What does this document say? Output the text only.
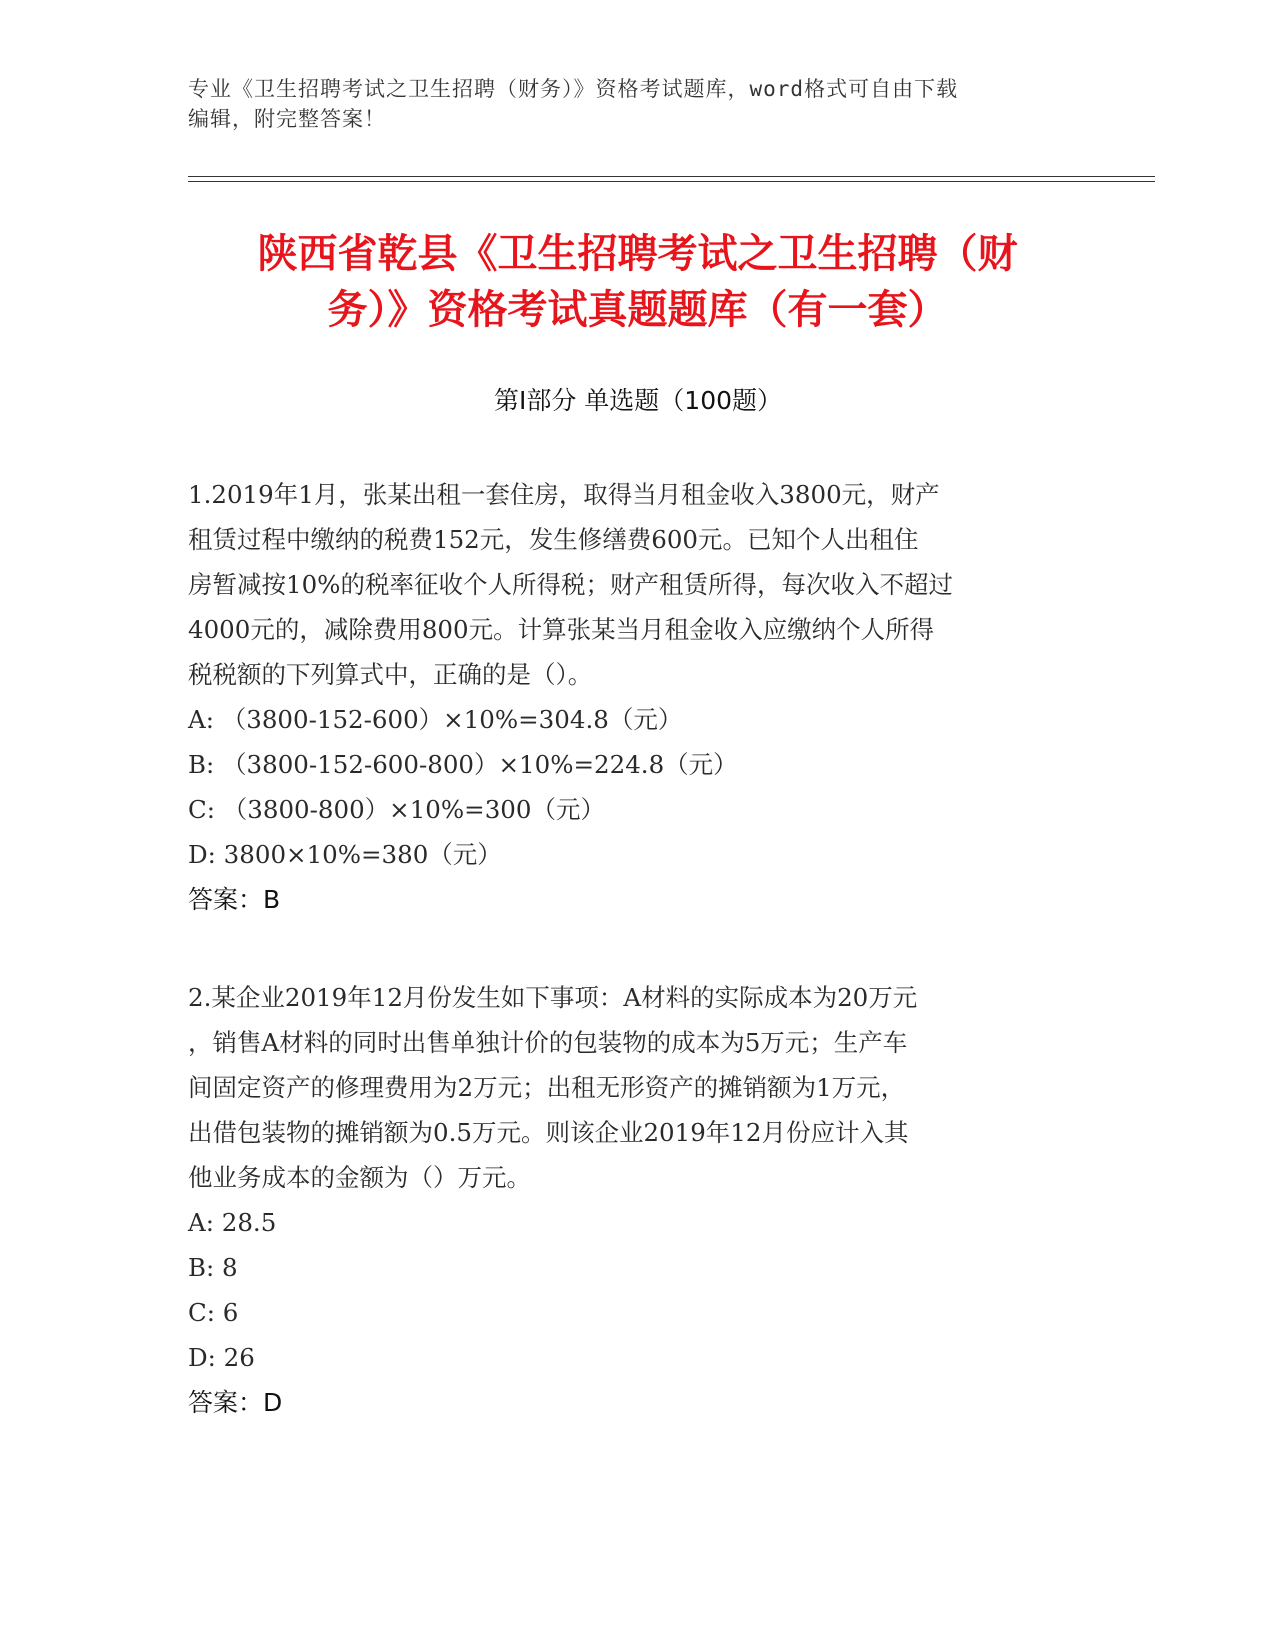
专业《卫生招聘考试之卫生招聘（财务）》资格考试题库，word格式可自由下载
编辑，附完整答案！
陕西省乾县《卫生招聘考试之卫生招聘（财
务）》资格考试真题题库（有一套）
第Ⅰ部分 单选题（100题）
1.2019年1月，张某出租一套住房，取得当月租金收入3800元，财产
租赁过程中缴纳的税费152元，发生修缮费600元。已知个人出租住
房暂减按10%的税率征收个人所得税；财产租赁所得，每次收入不超过
4000元的，减除费用800元。计算张某当月租金收入应缴纳个人所得
税税额的下列算式中，正确的是（）。
A: （3800-152-600）×10%=304.8（元）
B: （3800-152-600-800）×10%=224.8（元）
C: （3800-800）×10%=300（元）
D: 3800×10%=380（元）
答案：B
2.某企业2019年12月份发生如下事项：A材料的实际成本为20万元
，销售A材料的同时出售单独计价的包装物的成本为5万元；生产车
间固定资产的修理费用为2万元；出租无形资产的摊销额为1万元，
出借包装物的摊销额为0.5万元。则该企业2019年12月份应计入其
他业务成本的金额为（）万元。
A: 28.5
B: 8
C: 6
D: 26
答案：D
